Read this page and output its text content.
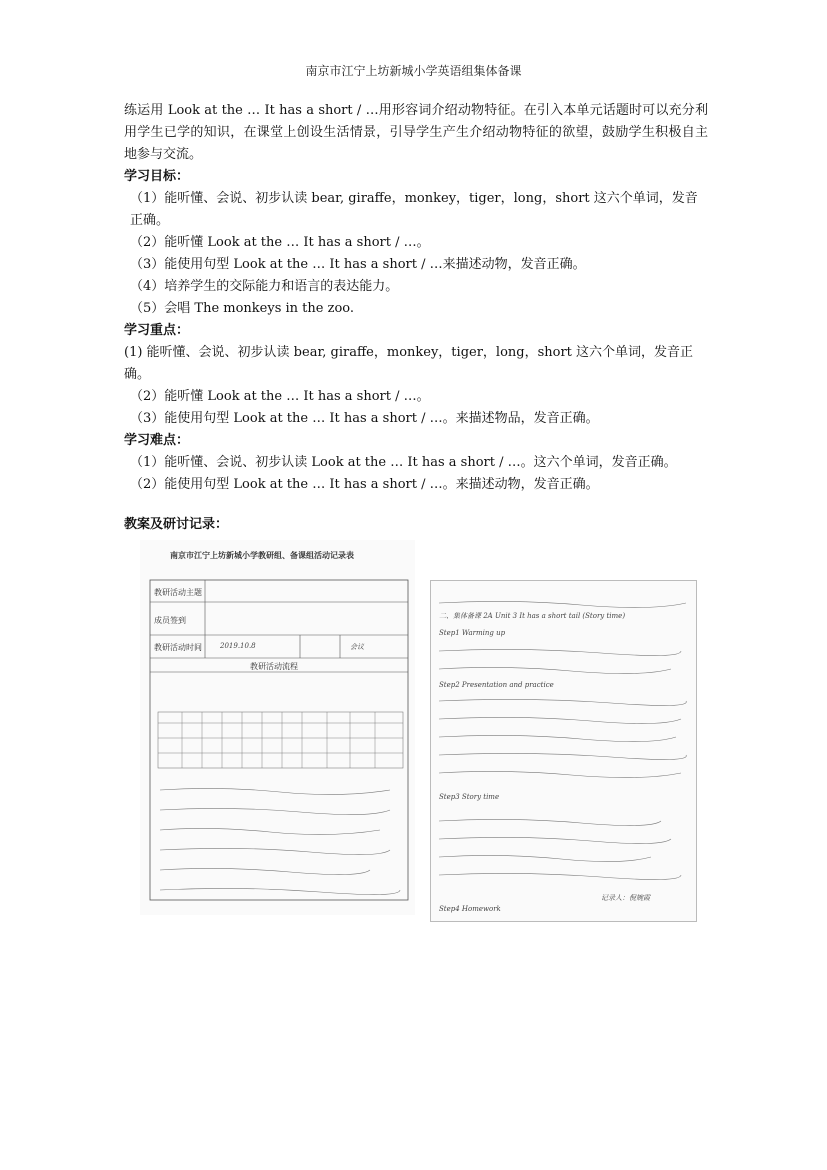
南京市江宁上坊新城小学英语组集体备课
练运用 Look at the … It has a short / …用形容词介绍动物特征。在引入本单元话题时可以充分利用学生已学的知识，在课堂上创设生活情景，引导学生产生介绍动物特征的欲望，鼓励学生积极自主地参与交流。
学习目标：
（1）能听懂、会说、初步认读 bear, giraffe，monkey，tiger，long，short 这六个单词，发音正确。
（2）能听懂 Look at the … It has a short / …。
（3）能使用句型 Look at the … It has a short / …来描述动物，发音正确。
（4）培养学生的交际能力和语言的表达能力。
（5）会唱 The monkeys in the zoo.
学习重点：
(1) 能听懂、会说、初步认读 bear, giraffe，monkey，tiger，long，short 这六个单词，发音正确。
（2）能听懂 Look at the … It has a short / …。
（3）能使用句型 Look at the … It has a short / …。来描述物品，发音正确。
学习难点：
（1）能听懂、会说、初步认读 Look at the … It has a short / …。这六个单词，发音正确。
（2）能使用句型 Look at the … It has a short / …。来描述动物，发音正确。
教案及研讨记录：
南京市江宁上坊新城小学教研组、备课组活动记录表
教研活动主题
成员签到
教研活动时间	2019.10.8	会议
教研活动流程
二、集体备课 2A Unit 3 It has a short tail (Story time)
Step1 Warming up
Step2 Presentation and practice
Step3 Story time
Step4 Homework
记录人：倪婉霞
